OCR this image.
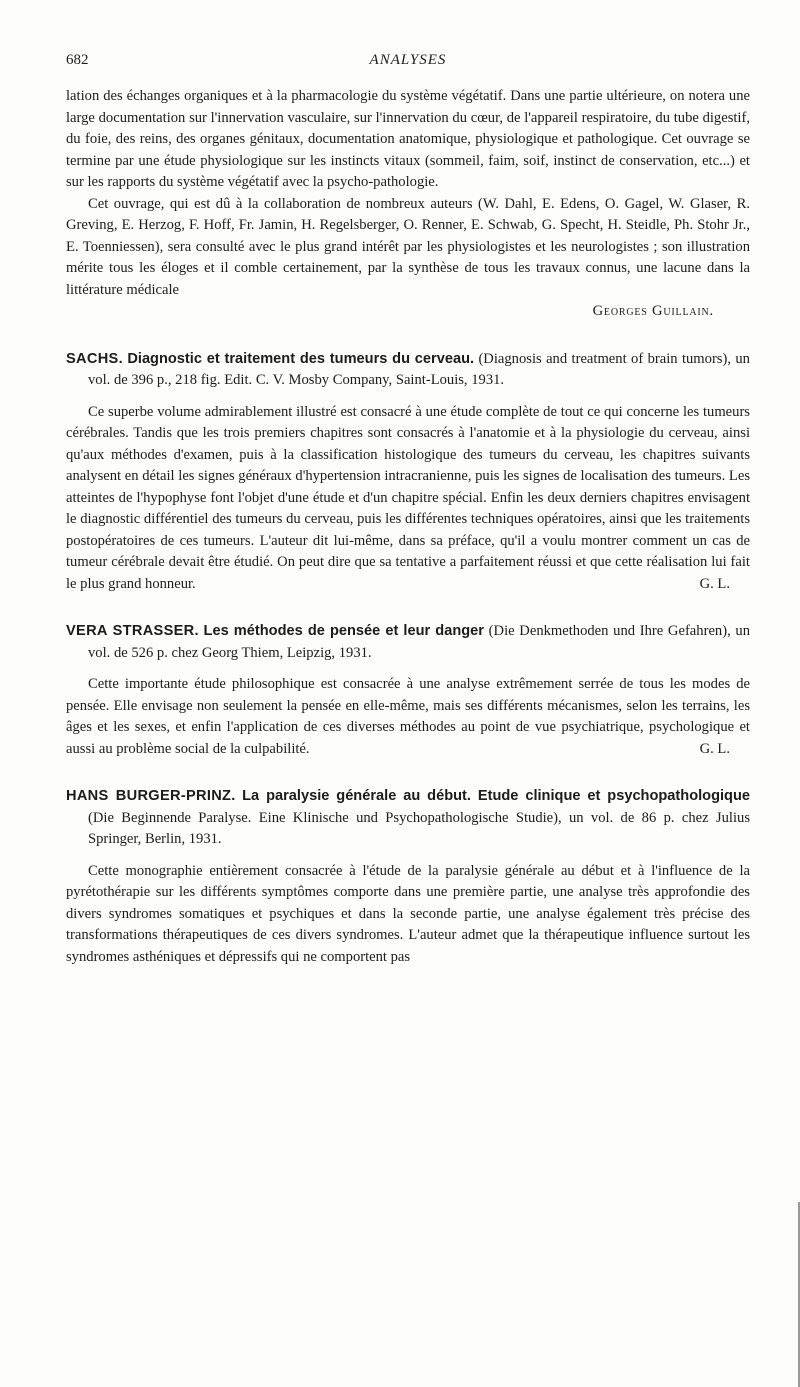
682	ANALYSES

lation des échanges organiques et à la pharmacologie du système végétatif. Dans une partie ultérieure, on notera une large documentation sur l'innervation vasculaire, sur l'innervation du cœur, de l'appareil respiratoire, du tube digestif, du foie, des reins, des organes génitaux, documentation anatomique, physiologique et pathologique. Cet ouvrage se termine par une étude physiologique sur les instincts vitaux (sommeil, faim, soif, instinct de conservation, etc...) et sur les rapports du système végétatif avec la psycho-pathologie.

Cet ouvrage, qui est dû à la collaboration de nombreux auteurs (W. Dahl, E. Edens, O. Gagel, W. Glaser, R. Greving, E. Herzog, F. Hoff, Fr. Jamin, H. Regelsberger, O. Renner, E. Schwab, G. Specht, H. Steidle, Ph. Stohr Jr., E. Toenniessen), sera consulté avec le plus grand intérêt par les physiologistes et les neurologistes ; son illustration mérite tous les éloges et il comble certainement, par la synthèse de tous les travaux connus, une lacune dans la littérature médicale

Georges Guillain.

SACHS. Diagnostic et traitement des tumeurs du cerveau. (Diagnosis and treatment of brain tumors), un vol. de 396 p., 218 fig. Edit. C. V. Mosby Company, Saint-Louis, 1931.

Ce superbe volume admirablement illustré est consacré à une étude complète de tout ce qui concerne les tumeurs cérébrales. Tandis que les trois premiers chapitres sont consacrés à l'anatomie et à la physiologie du cerveau, ainsi qu'aux méthodes d'examen, puis à la classification histologique des tumeurs du cerveau, les chapitres suivants analysent en détail les signes généraux d'hypertension intracranienne, puis les signes de localisation des tumeurs. Les atteintes de l'hypophyse font l'objet d'une étude et d'un chapitre spécial. Enfin les deux derniers chapitres envisagent le diagnostic différentiel des tumeurs du cerveau, puis les différentes techniques opératoires, ainsi que les traitements postopératoires de ces tumeurs. L'auteur dit lui-même, dans sa préface, qu'il a voulu montrer comment un cas de tumeur cérébrale devait être étudié. On peut dire que sa tentative a parfaitement réussi et que cette réalisation lui fait le plus grand honneur.	G. L.

VERA STRASSER. Les méthodes de pensée et leur danger (Die Denkmethoden und Ihre Gefahren), un vol. de 526 p. chez Georg Thiem, Leipzig, 1931.

Cette importante étude philosophique est consacrée à une analyse extrêmement serrée de tous les modes de pensée. Elle envisage non seulement la pensée en elle-même, mais ses différents mécanismes, selon les terrains, les âges et les sexes, et enfin l'application de ces diverses méthodes au point de vue psychiatrique, psychologique et aussi au problème social de la culpabilité.	G. L.

HANS BURGER-PRINZ. La paralysie générale au début. Etude clinique et psychopathologique (Die Beginnende Paralyse. Eine Klinische und Psychopathologische Studie), un vol. de 86 p. chez Julius Springer, Berlin, 1931.

Cette monographie entièrement consacrée à l'étude de la paralysie générale au début et à l'influence de la pyrétothérapie sur les différents symptômes comporte dans une première partie, une analyse très approfondie des divers syndromes somatiques et psychiques et dans la seconde partie, une analyse également très précise des transformations thérapeutiques de ces divers syndromes. L'auteur admet que la thérapeutique influence surtout les syndromes asthéniques et dépressifs qui ne comportent pas
